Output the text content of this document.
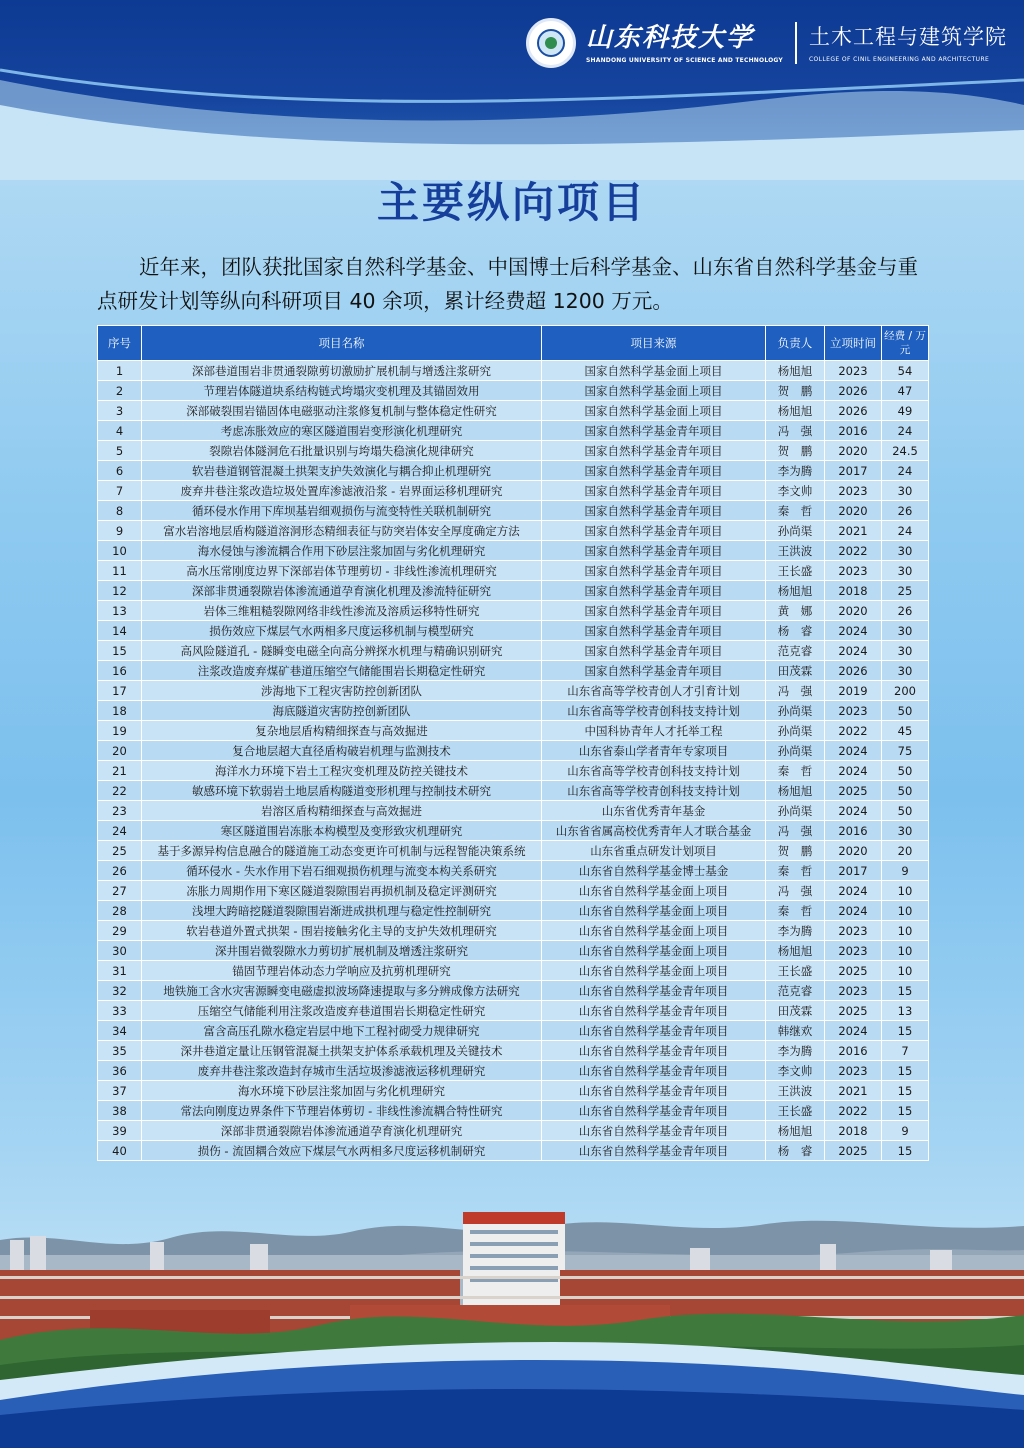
山东科技大学
SHANDONG UNIVERSITY OF SCIENCE AND TECHNOLOGY
土木工程与建筑学院
COLLEGE OF CINIL ENGINEERING AND ARCHITECTURE
主要纵向项目

近年来，团队获批国家自然科学基金、中国博士后科学基金、山东省自然科学基金与重点研发计划等纵向科研项目 40 余项，累计经费超 1200 万元。

序号	项目名称	项目来源	负责人	立项时间	经费 / 万元
1	深部巷道围岩非贯通裂隙剪切激励扩展机制与增透注浆研究	国家自然科学基金面上项目	杨旭旭	2023	54
2	节理岩体隧道块系结构链式垮塌灾变机理及其锚固效用	国家自然科学基金面上项目	贺　鹏	2026	47
3	深部破裂围岩锚固体电磁驱动注浆修复机制与整体稳定性研究	国家自然科学基金面上项目	杨旭旭	2026	49
4	考虑冻胀效应的寒区隧道围岩变形演化机理研究	国家自然科学基金青年项目	冯　强	2016	24
5	裂隙岩体隧洞危石批量识别与垮塌失稳演化规律研究	国家自然科学基金青年项目	贺　鹏	2020	24.5
6	软岩巷道钢管混凝土拱架支护失效演化与耦合抑止机理研究	国家自然科学基金青年项目	李为腾	2017	24
7	废弃井巷注浆改造垃圾处置库渗滤液沿浆 - 岩界面运移机理研究	国家自然科学基金青年项目	李文帅	2023	30
8	循环侵水作用下库坝基岩细观损伤与流变特性关联机制研究	国家自然科学基金青年项目	秦　哲	2020	26
9	富水岩溶地层盾构隧道溶洞形态精细表征与防突岩体安全厚度确定方法	国家自然科学基金青年项目	孙尚渠	2021	24
10	海水侵蚀与渗流耦合作用下砂层注浆加固与劣化机理研究	国家自然科学基金青年项目	王洪波	2022	30
11	高水压常刚度边界下深部岩体节理剪切 - 非线性渗流机理研究	国家自然科学基金青年项目	王长盛	2023	30
12	深部非贯通裂隙岩体渗流通道孕育演化机理及渗流特征研究	国家自然科学基金青年项目	杨旭旭	2018	25
13	岩体三维粗糙裂隙网络非线性渗流及溶质运移特性研究	国家自然科学基金青年项目	黄　娜	2020	26
14	损伤效应下煤层气水两相多尺度运移机制与模型研究	国家自然科学基金青年项目	杨　睿	2024	30
15	高风险隧道孔 - 隧瞬变电磁全向高分辨探水机理与精确识别研究	国家自然科学基金青年项目	范克睿	2024	30
16	注浆改造废弃煤矿巷道压缩空气储能围岩长期稳定性研究	国家自然科学基金青年项目	田茂霖	2026	30
17	涉海地下工程灾害防控创新团队	山东省高等学校青创人才引育计划	冯　强	2019	200
18	海底隧道灾害防控创新团队	山东省高等学校青创科技支持计划	孙尚渠	2023	50
19	复杂地层盾构精细探查与高效掘进	中国科协青年人才托举工程	孙尚渠	2022	45
20	复合地层超大直径盾构破岩机理与监测技术	山东省泰山学者青年专家项目	孙尚渠	2024	75
21	海洋水力环境下岩土工程灾变机理及防控关键技术	山东省高等学校青创科技支持计划	秦　哲	2024	50
22	敏感环境下软弱岩土地层盾构隧道变形机理与控制技术研究	山东省高等学校青创科技支持计划	杨旭旭	2025	50
23	岩溶区盾构精细探查与高效掘进	山东省优秀青年基金	孙尚渠	2024	50
24	寒区隧道围岩冻胀本构模型及变形致灾机理研究	山东省省属高校优秀青年人才联合基金	冯　强	2016	30
25	基于多源异构信息融合的隧道施工动态变更许可机制与远程智能决策系统	山东省重点研发计划项目	贺　鹏	2020	20
26	循环侵水 - 失水作用下岩石细观损伤机理与流变本构关系研究	山东省自然科学基金博士基金	秦　哲	2017	9
27	冻胀力周期作用下寒区隧道裂隙围岩再损机制及稳定评测研究	山东省自然科学基金面上项目	冯　强	2024	10
28	浅埋大跨暗挖隧道裂隙围岩渐进成拱机理与稳定性控制研究	山东省自然科学基金面上项目	秦　哲	2024	10
29	软岩巷道外置式拱架 - 围岩接触劣化主导的支护失效机理研究	山东省自然科学基金面上项目	李为腾	2023	10
30	深井围岩微裂隙水力剪切扩展机制及增透注浆研究	山东省自然科学基金面上项目	杨旭旭	2023	10
31	锚固节理岩体动态力学响应及抗剪机理研究	山东省自然科学基金面上项目	王长盛	2025	10
32	地铁施工含水灾害源瞬变电磁虚拟波场降速提取与多分辨成像方法研究	山东省自然科学基金青年项目	范克睿	2023	15
33	压缩空气储能利用注浆改造废弃巷道围岩长期稳定性研究	山东省自然科学基金青年项目	田茂霖	2025	13
34	富含高压孔隙水稳定岩层中地下工程衬砌受力规律研究	山东省自然科学基金青年项目	韩继欢	2024	15
35	深井巷道定量让压钢管混凝土拱架支护体系承载机理及关键技术	山东省自然科学基金青年项目	李为腾	2016	7
36	废弃井巷注浆改造封存城市生活垃圾渗滤液运移机理研究	山东省自然科学基金青年项目	李文帅	2023	15
37	海水环境下砂层注浆加固与劣化机理研究	山东省自然科学基金青年项目	王洪波	2021	15
38	常法向刚度边界条件下节理岩体剪切 - 非线性渗流耦合特性研究	山东省自然科学基金青年项目	王长盛	2022	15
39	深部非贯通裂隙岩体渗流通道孕育演化机理研究	山东省自然科学基金青年项目	杨旭旭	2018	9
40	损伤 - 流固耦合效应下煤层气水两相多尺度运移机制研究	山东省自然科学基金青年项目	杨　睿	2025	15
